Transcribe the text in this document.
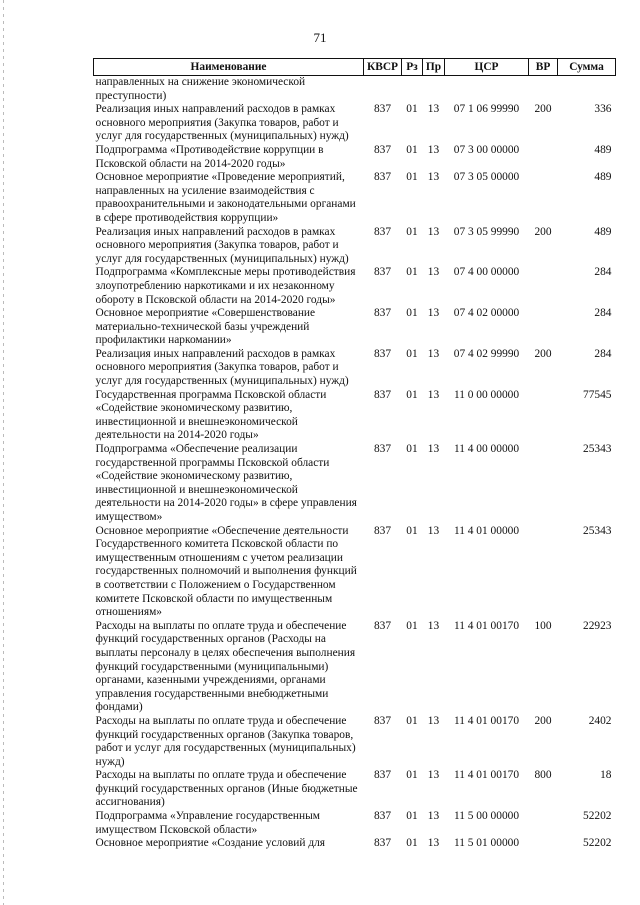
71
Наименование	КВСР	Рз	Пр	ЦСР	ВР	Сумма
направленных на снижение экономической преступности)						
Реализация иных направлений расходов в рамках основного мероприятия (Закупка товаров, работ и услуг для государственных (муниципальных) нужд)	837	01	13	07 1 06 99990	200	336
Подпрограмма «Противодействие коррупции в Псковской области на 2014-2020 годы»	837	01	13	07 3 00 00000		489
Основное мероприятие «Проведение мероприятий, направленных на усиление взаимодействия с правоохранительными и законодательными органами в сфере противодействия коррупции»	837	01	13	07 3 05 00000		489
Реализация иных направлений расходов в рамках основного мероприятия (Закупка товаров, работ и услуг для государственных (муниципальных) нужд)	837	01	13	07 3 05 99990	200	489
Подпрограмма «Комплексные меры противодействия злоупотреблению наркотиками и их незаконному обороту в Псковской области на 2014-2020 годы»	837	01	13	07 4 00 00000		284
Основное мероприятие «Совершенствование материально-технической базы учреждений профилактики наркомании»	837	01	13	07 4 02 00000		284
Реализация иных направлений расходов в рамках основного мероприятия (Закупка товаров, работ и услуг для государственных (муниципальных) нужд)	837	01	13	07 4 02 99990	200	284
Государственная программа Псковской области «Содействие экономическому развитию, инвестиционной и внешнеэкономической деятельности на 2014-2020 годы»	837	01	13	11 0 00 00000		77545
Подпрограмма «Обеспечение реализации государственной программы Псковской области «Содействие экономическому развитию, инвестиционной и внешнеэкономической деятельности на 2014-2020 годы» в сфере управления имуществом»	837	01	13	11 4 00 00000		25343
Основное мероприятие «Обеспечение деятельности Государственного комитета Псковской области по имущественным отношениям с учетом реализации государственных полномочий и выполнения функций в соответствии с Положением о Государственном комитете Псковской области по имущественным отношениям»	837	01	13	11 4 01 00000		25343
Расходы на выплаты по оплате труда и обеспечение функций государственных органов (Расходы на выплаты персоналу в целях обеспечения выполнения функций государственными (муниципальными) органами, казенными учреждениями, органами управления государственными внебюджетными фондами)	837	01	13	11 4 01 00170	100	22923
Расходы на выплаты по оплате труда и обеспечение функций государственных органов (Закупка товаров, работ и услуг для государственных (муниципальных) нужд)	837	01	13	11 4 01 00170	200	2402
Расходы на выплаты по оплате труда и обеспечение функций государственных органов (Иные бюджетные ассигнования)	837	01	13	11 4 01 00170	800	18
Подпрограмма «Управление государственным имуществом Псковской области»	837	01	13	11 5 00 00000		52202
Основное мероприятие «Создание условий для	837	01	13	11 5 01 00000		52202
